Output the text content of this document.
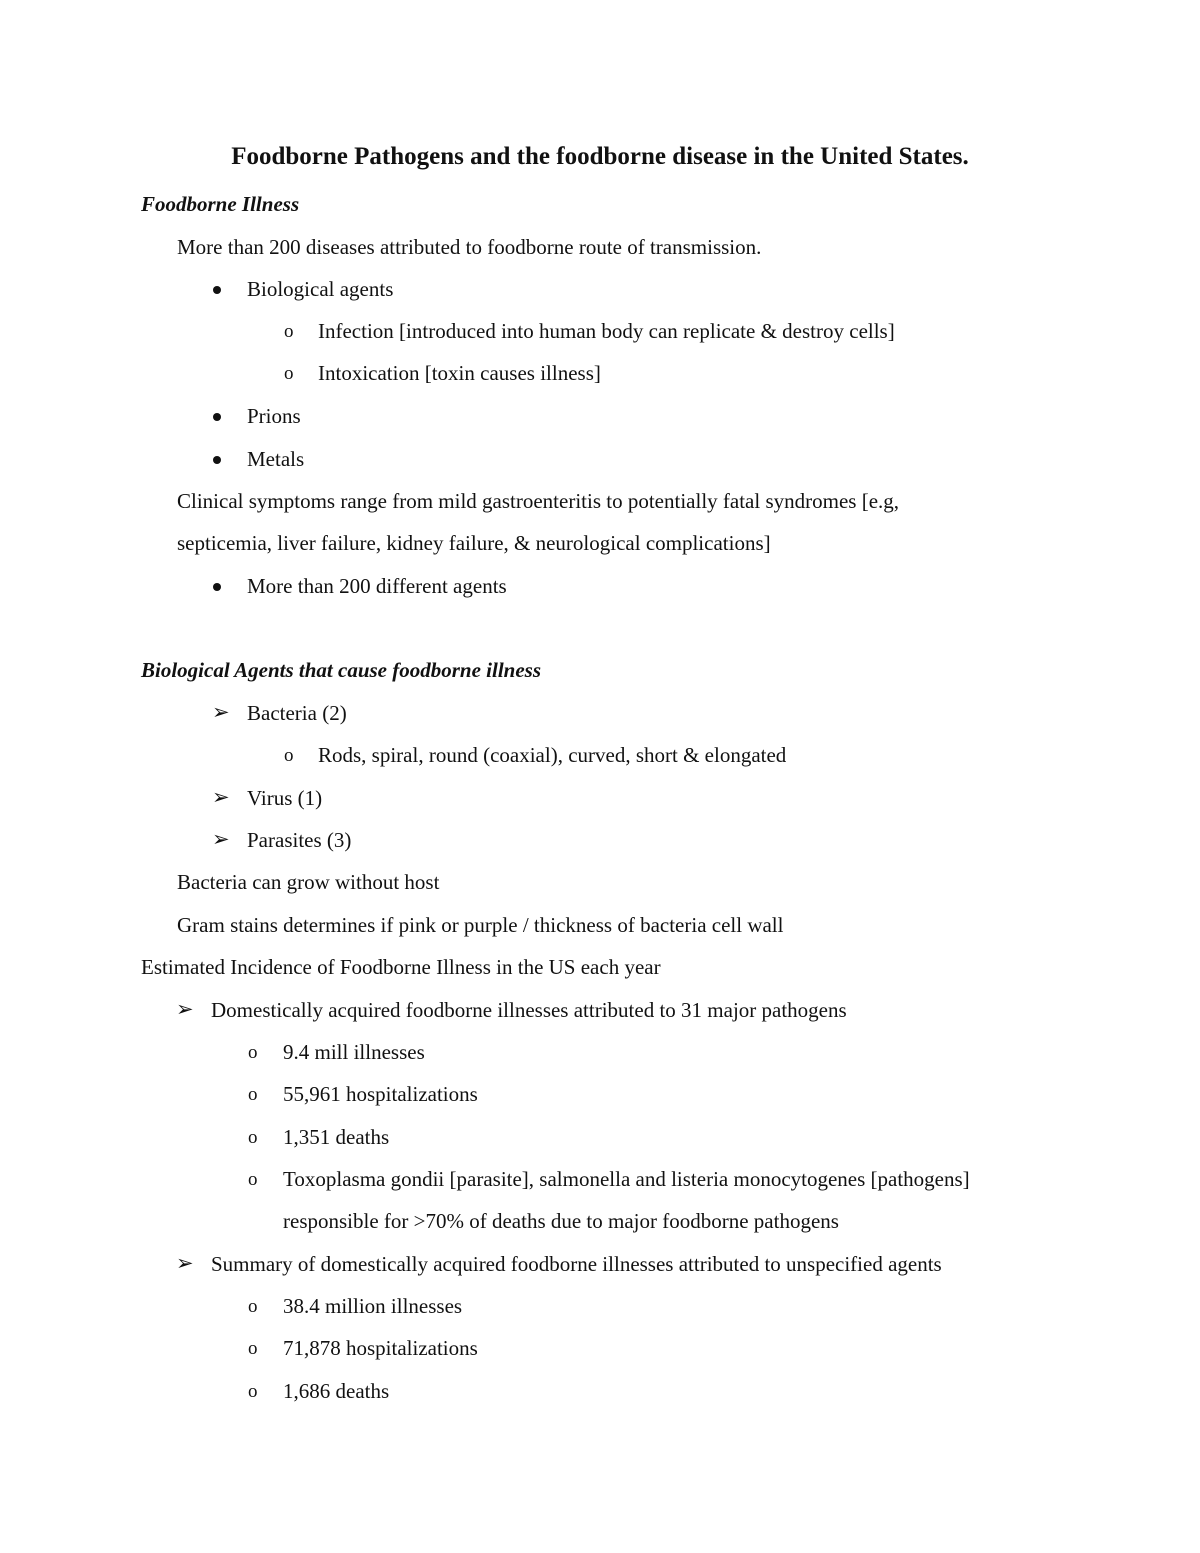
Foodborne Pathogens and the foodborne disease in the United States.
Foodborne Illness
More than 200 diseases attributed to foodborne route of transmission.
Biological agents
o Infection [introduced into human body can replicate & destroy cells]
o Intoxication [toxin causes illness]
Prions
Metals
Clinical symptoms range from mild gastroenteritis to potentially fatal syndromes [e.g,
septicemia, liver failure, kidney failure, & neurological complications]
More than 200 different agents
Biological Agents that cause foodborne illness
➢ Bacteria (2)
o Rods, spiral, round (coaxial), curved, short & elongated
➢ Virus (1)
➢ Parasites (3)
Bacteria can grow without host
Gram stains determines if pink or purple / thickness of bacteria cell wall
Estimated Incidence of Foodborne Illness in the US each year
➢ Domestically acquired foodborne illnesses attributed to 31 major pathogens
o 9.4 mill illnesses
o 55,961 hospitalizations
o 1,351 deaths
o Toxoplasma gondii [parasite], salmonella and listeria monocytogenes [pathogens]
responsible for >70% of deaths due to major foodborne pathogens
➢ Summary of domestically acquired foodborne illnesses attributed to unspecified agents
o 38.4 million illnesses
o 71,878 hospitalizations
o 1,686 deaths
